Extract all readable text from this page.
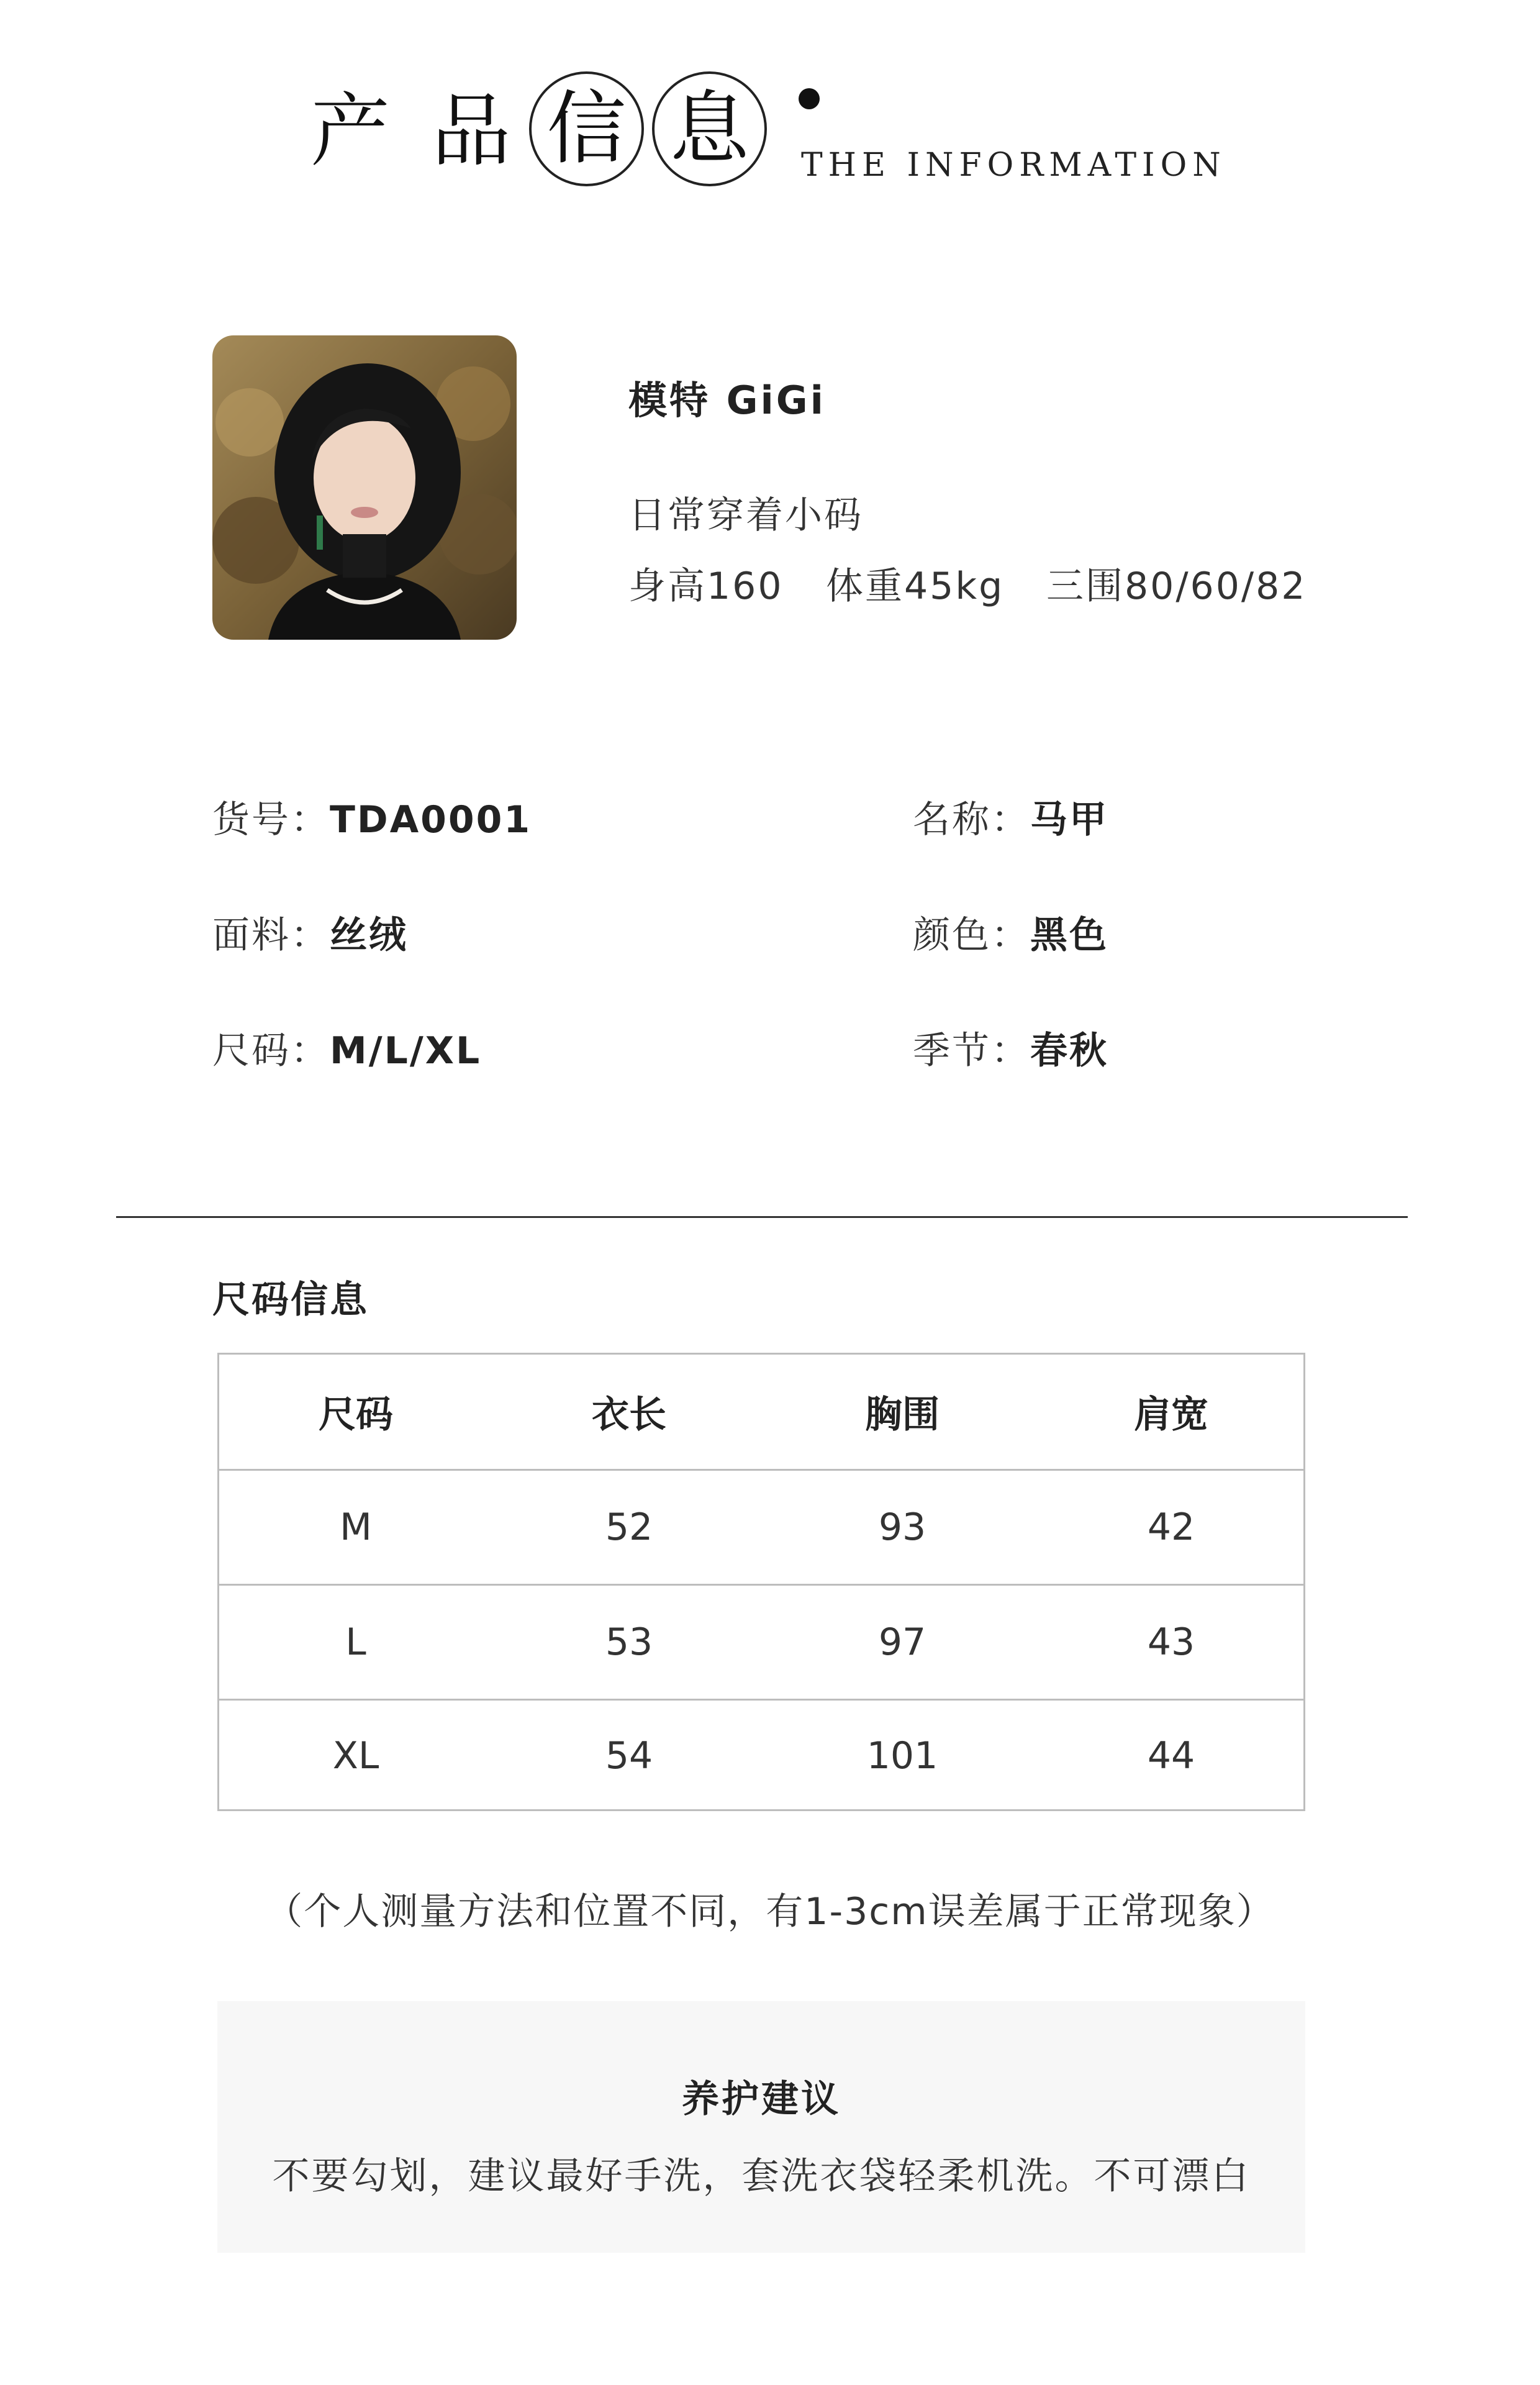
产 品 信 息 THE INFORMATION
模特 GiGi
日常穿着小码
身高160 体重45kg 三围80/60/82
货号：TDA0001	名称：马甲
面料：丝绒	颜色：黑色
尺码：M/L/XL	季节：春秋
尺码信息
尺码	衣长	胸围	肩宽
M	52	93	42
L	53	97	43
XL	54	101	44
（个人测量方法和位置不同，有1-3cm误差属于正常现象）
养护建议
不要勾划，建议最好手洗，套洗衣袋轻柔机洗。不可漂白
